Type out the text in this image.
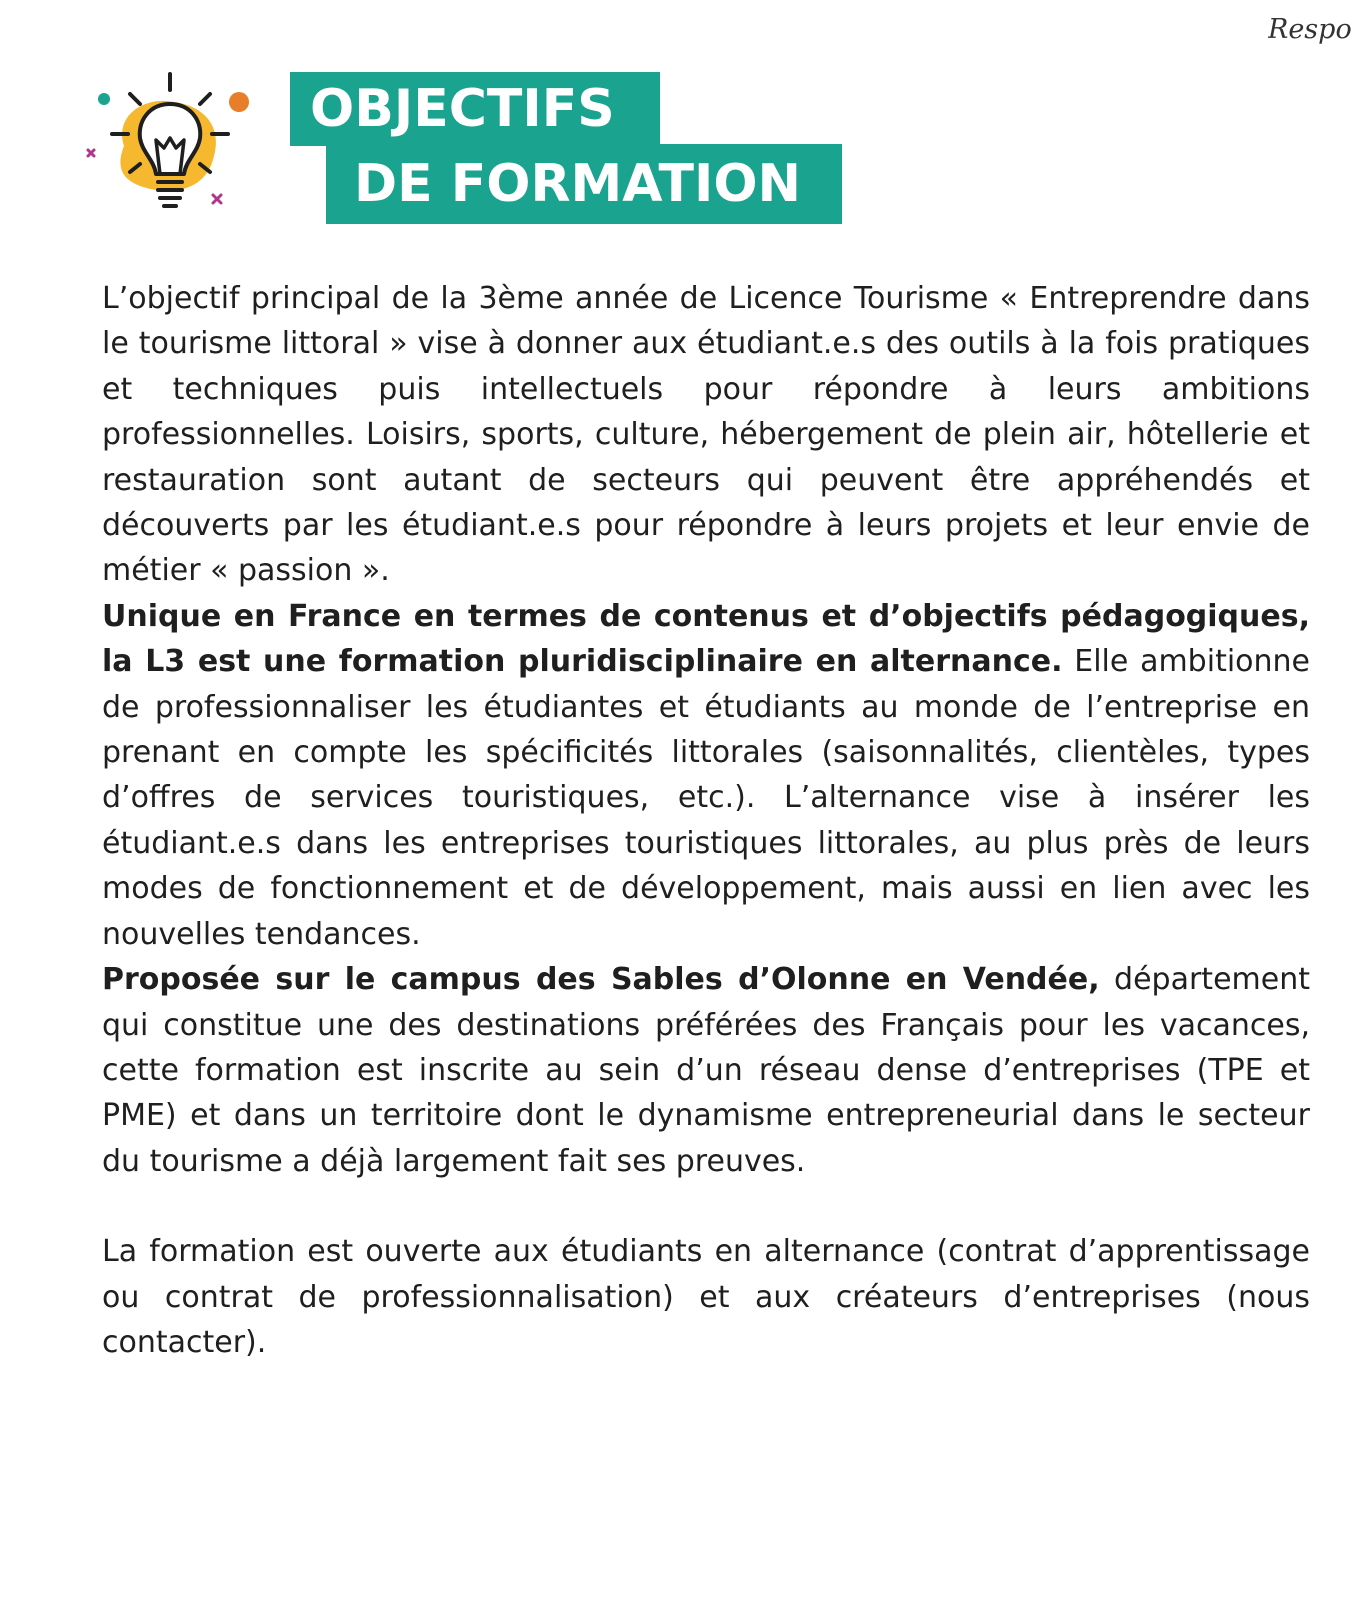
Respo
OBJECTIFS
DE FORMATION

L’objectif principal de la 3ème année de Licence Tourisme « Entreprendre dans le tourisme littoral » vise à donner aux étudiant.e.s des outils à la fois pratiques et techniques puis intellectuels pour répondre à leurs ambitions professionnelles. Loisirs, sports, culture, hébergement de plein air, hôtellerie et restauration sont autant de secteurs qui peuvent être appréhendés et découverts par les étudiant.e.s pour répondre à leurs projets et leur envie de métier « passion ».

Unique en France en termes de contenus et d’objectifs pédagogiques, la L3 est une formation pluridisciplinaire en alternance. Elle ambitionne de professionnaliser les étudiantes et étudiants au monde de l’entreprise en prenant en compte les spécificités littorales (saisonnalités, clientèles, types d’offres de services touristiques, etc.). L’alternance vise à insérer les étudiant.e.s dans les entreprises touristiques littorales, au plus près de leurs modes de fonctionnement et de développement, mais aussi en lien avec les nouvelles tendances.

Proposée sur le campus des Sables d’Olonne en Vendée, département qui constitue une des destinations préférées des Français pour les vacances, cette formation est inscrite au sein d’un réseau dense d’entreprises (TPE et PME) et dans un territoire dont le dynamisme entrepreneurial dans le secteur du tourisme a déjà largement fait ses preuves.

La formation est ouverte aux étudiants en alternance (contrat d’apprentissage ou contrat de professionnalisation) et aux créateurs d’entreprises (nous contacter).
